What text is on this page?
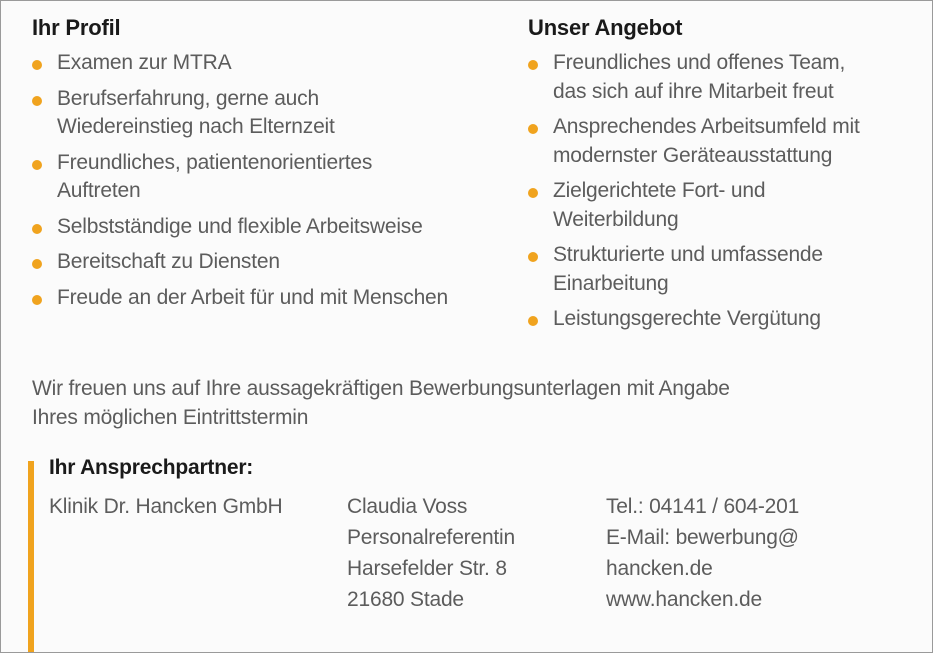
Ihr Profil
Examen zur MTRA
Berufserfahrung, gerne auch
Wiedereinstieg nach Elternzeit
Freundliches, patientenorientiertes
Auftreten
Selbstständige und flexible Arbeitsweise
Bereitschaft zu Diensten
Freude an der Arbeit für und mit Menschen
Unser Angebot
Freundliches und offenes Team,
das sich auf ihre Mitarbeit freut
Ansprechendes Arbeitsumfeld mit
modernster Geräteausstattung
Zielgerichtete Fort- und
Weiterbildung
Strukturierte und umfassende
Einarbeitung
Leistungsgerechte Vergütung

Wir freuen uns auf Ihre aussagekräftigen Bewerbungsunterlagen mit Angabe
Ihres möglichen Eintrittstermin

Ihr Ansprechpartner:

Klinik Dr. Hancken GmbH	Claudia Voss
Personalreferentin
Harsefelder Str. 8
21680 Stade
Tel.: 04141 / 604-201
E-Mail: bewerbung@
hancken.de
www.hancken.de
